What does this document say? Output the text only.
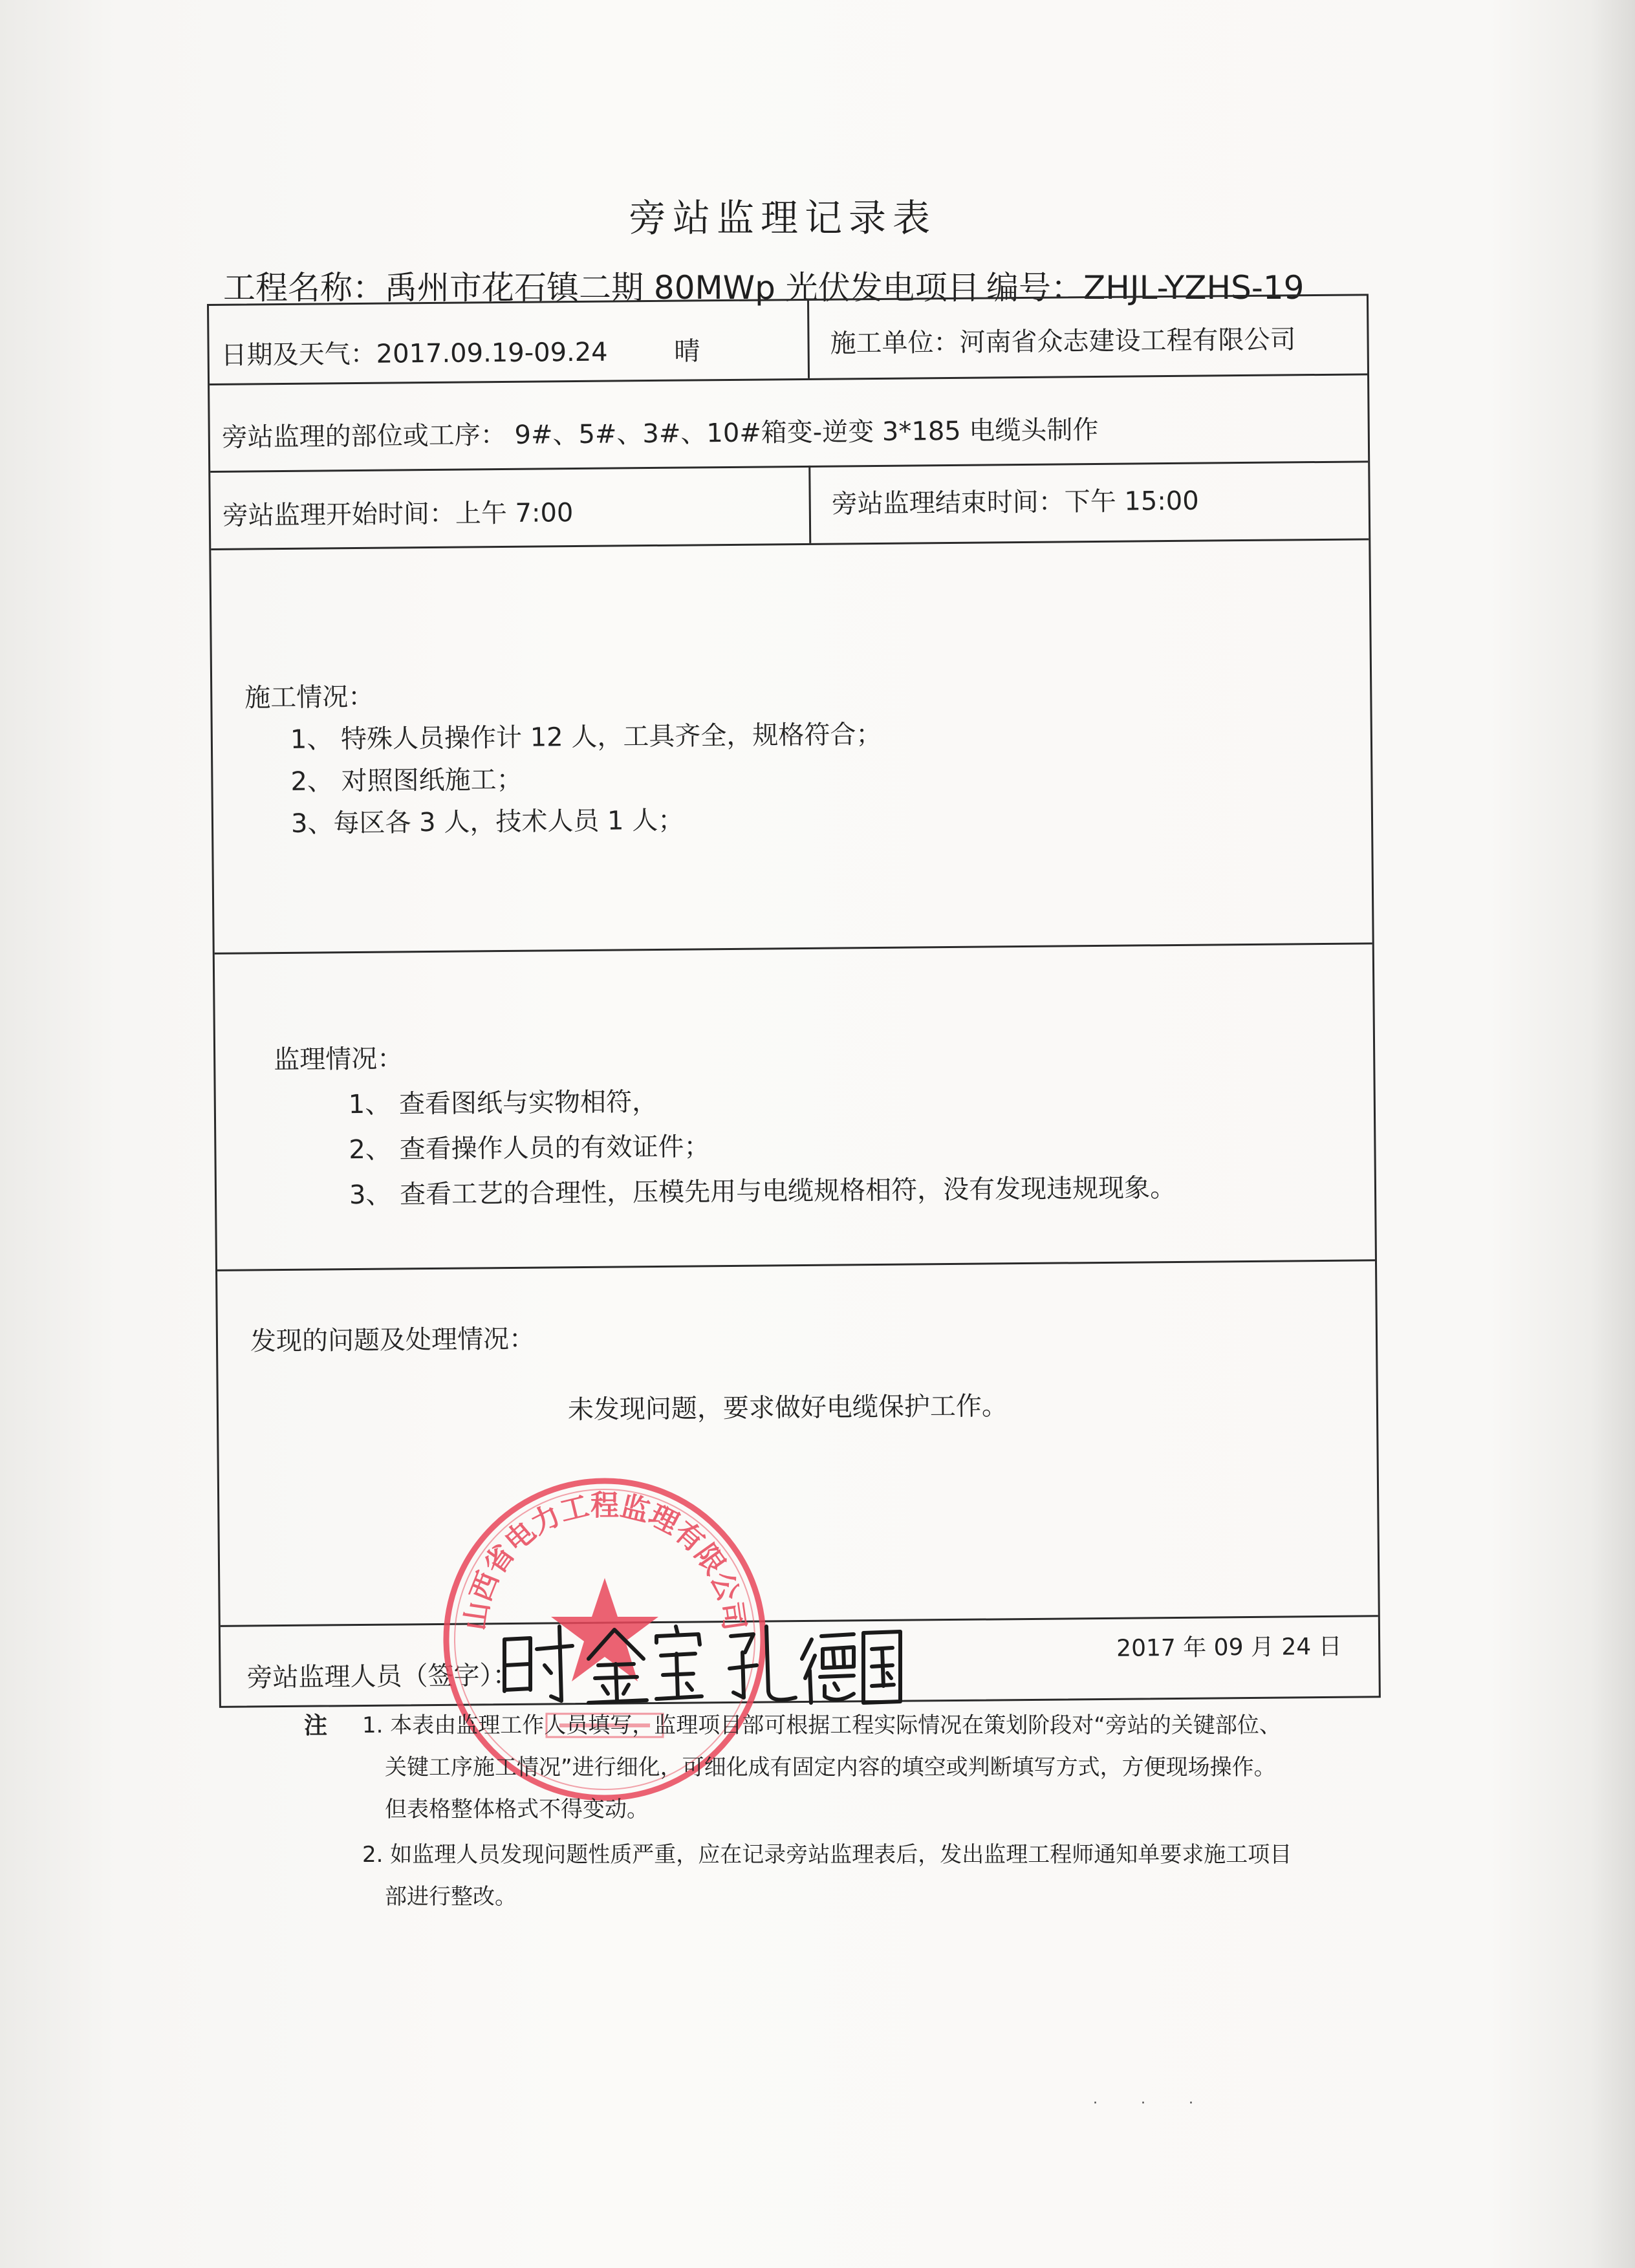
旁站监理记录表
工程名称：禹州市花石镇二期 80MWp 光伏发电项目 编号：ZHJL-YZHS-19
日期及天气：2017.09.19-09.24	晴	施工单位：河南省众志建设工程有限公司
旁站监理的部位或工序： 9#、5#、3#、10#箱变-逆变 3*185 电缆头制作
旁站监理开始时间：上午 7:00	旁站监理结束时间：下午 15:00
施工情况：
1、 特殊人员操作计 12 人，工具齐全，规格符合；
2、 对照图纸施工；
3、每区各 3 人，技术人员 1 人；
监理情况：
1、 查看图纸与实物相符，
2、 查看操作人员的有效证件；
3、 查看工艺的合理性，压模先用与电缆规格相符，没有发现违规现象。
发现的问题及处理情况：
未发现问题，要求做好电缆保护工作。
旁站监理人员（签字）：
2017 年 09 月 24 日
山西省电力工程监理有限公司
注 1. 本表由监理工作人员填写，监理项目部可根据工程实际情况在策划阶段对“旁站的关键部位、
关键工序施工情况”进行细化，可细化成有固定内容的填空或判断填写方式，方便现场操作。
但表格整体格式不得变动。
2. 如监理人员发现问题性质严重，应在记录旁站监理表后，发出监理工程师通知单要求施工项目
部进行整改。
· · ·
